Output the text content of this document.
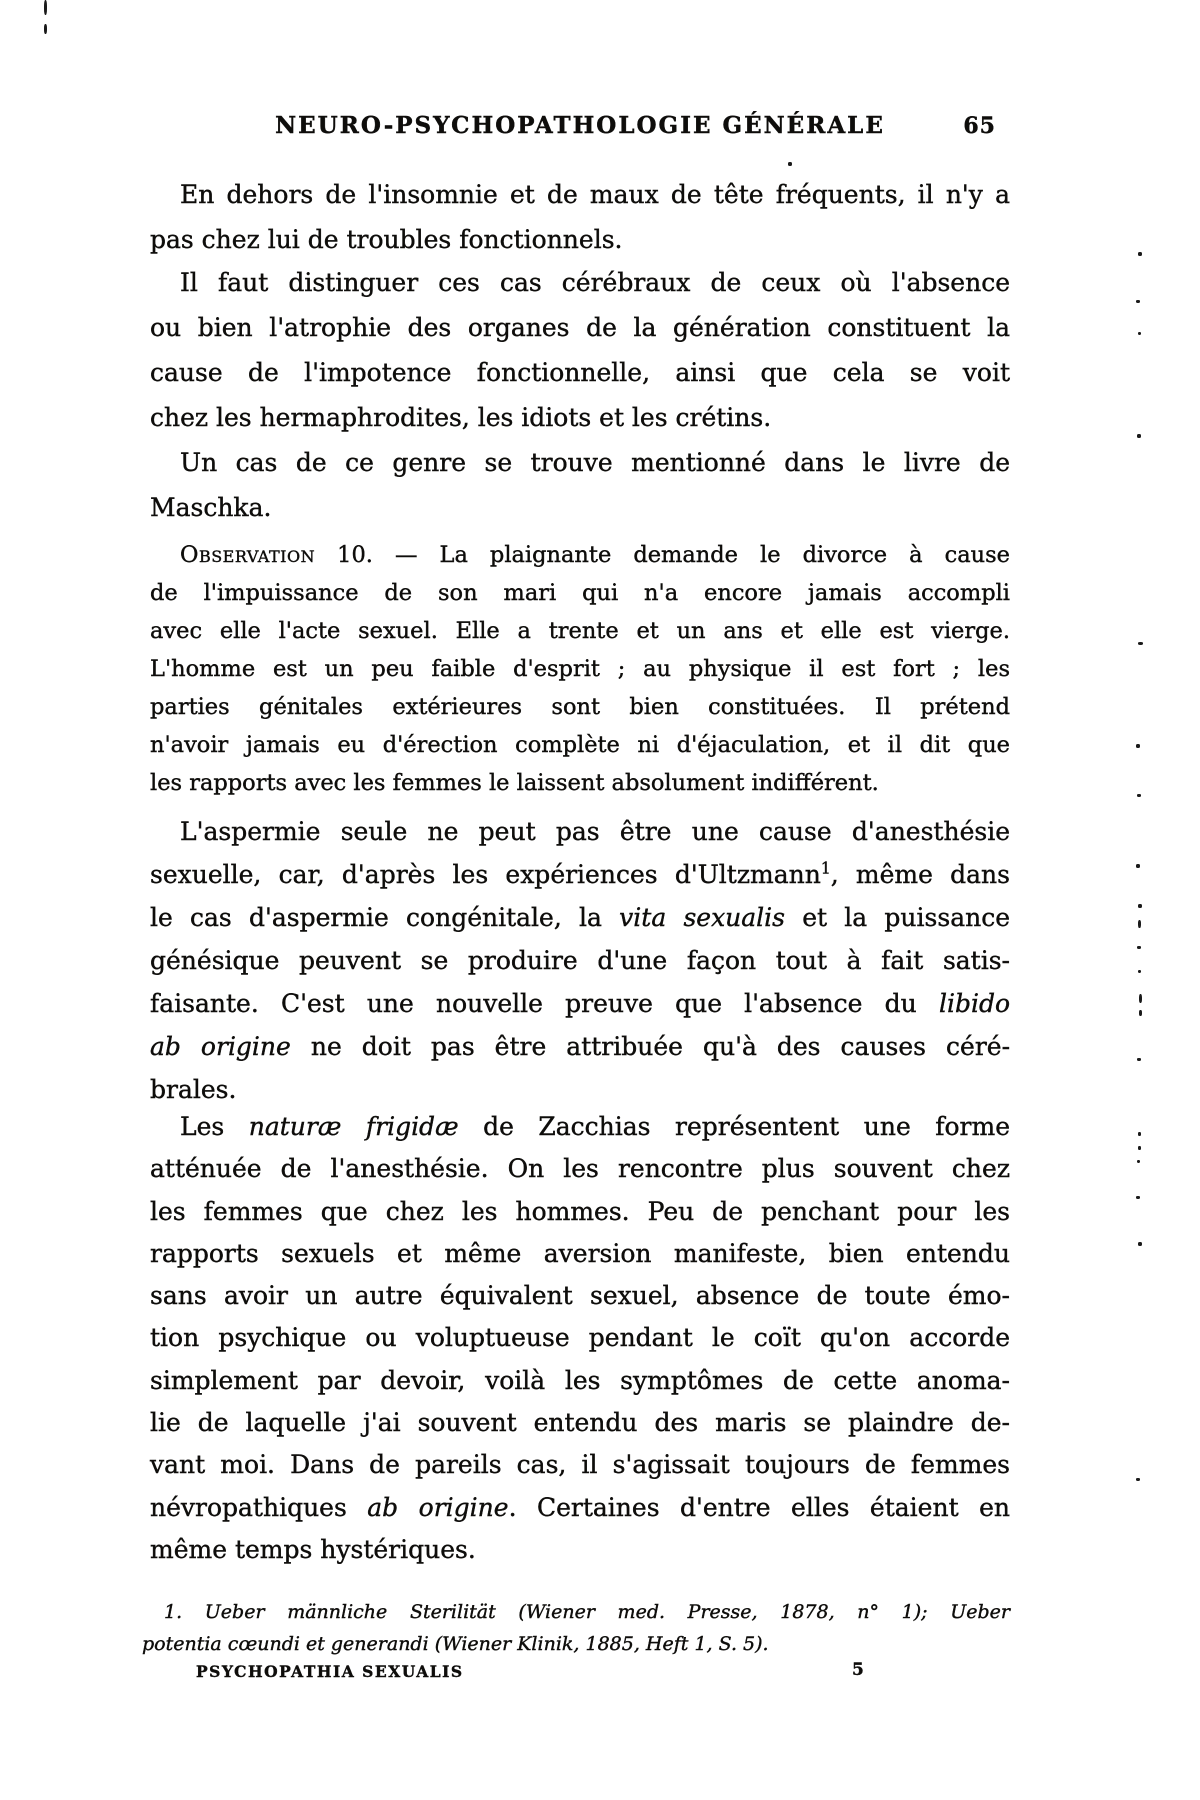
NEURO-PSYCHOPATHOLOGIE GÉNÉRALE	65
En dehors de l'insomnie et de maux de tête fréquents, il n'y a
pas chez lui de troubles fonctionnels.
Il faut distinguer ces cas cérébraux de ceux où l'absence
ou bien l'atrophie des organes de la génération constituent la
cause de l'impotence fonctionnelle, ainsi que cela se voit
chez les hermaphrodites, les idiots et les crétins.
Un cas de ce genre se trouve mentionné dans le livre de
Maschka.
Observation 10. — La plaignante demande le divorce à cause
de l'impuissance de son mari qui n'a encore jamais accompli
avec elle l'acte sexuel. Elle a trente et un ans et elle est vierge.
L'homme est un peu faible d'esprit ; au physique il est fort ; les
parties génitales extérieures sont bien constituées. Il prétend
n'avoir jamais eu d'érection complète ni d'éjaculation, et il dit que
les rapports avec les femmes le laissent absolument indifférent.
L'aspermie seule ne peut pas être une cause d'anesthésie
sexuelle, car, d'après les expériences d'Ultzmann$^1$, même dans
le cas d'aspermie congénitale, la vita sexualis et la puissance
génésique peuvent se produire d'une façon tout à fait satis-
faisante. C'est une nouvelle preuve que l'absence du libido
ab origine ne doit pas être attribuée qu'à des causes céré-
brales.
Les naturæ frigidæ de Zacchias représentent une forme
atténuée de l'anesthésie. On les rencontre plus souvent chez
les femmes que chez les hommes. Peu de penchant pour les
rapports sexuels et même aversion manifeste, bien entendu
sans avoir un autre équivalent sexuel, absence de toute émo-
tion psychique ou voluptueuse pendant le coït qu'on accorde
simplement par devoir, voilà les symptômes de cette anoma-
lie de laquelle j'ai souvent entendu des maris se plaindre de-
vant moi. Dans de pareils cas, il s'agissait toujours de femmes
névropathiques ab origine. Certaines d'entre elles étaient en
même temps hystériques.
1. Ueber männliche Sterilität (Wiener med. Presse, 1878, n° 1); Ueber
potentia cœundi et generandi (Wiener Klinik, 1885, Heft 1, S. 5).
PSYCHOPATHIA SEXUALIS	5
